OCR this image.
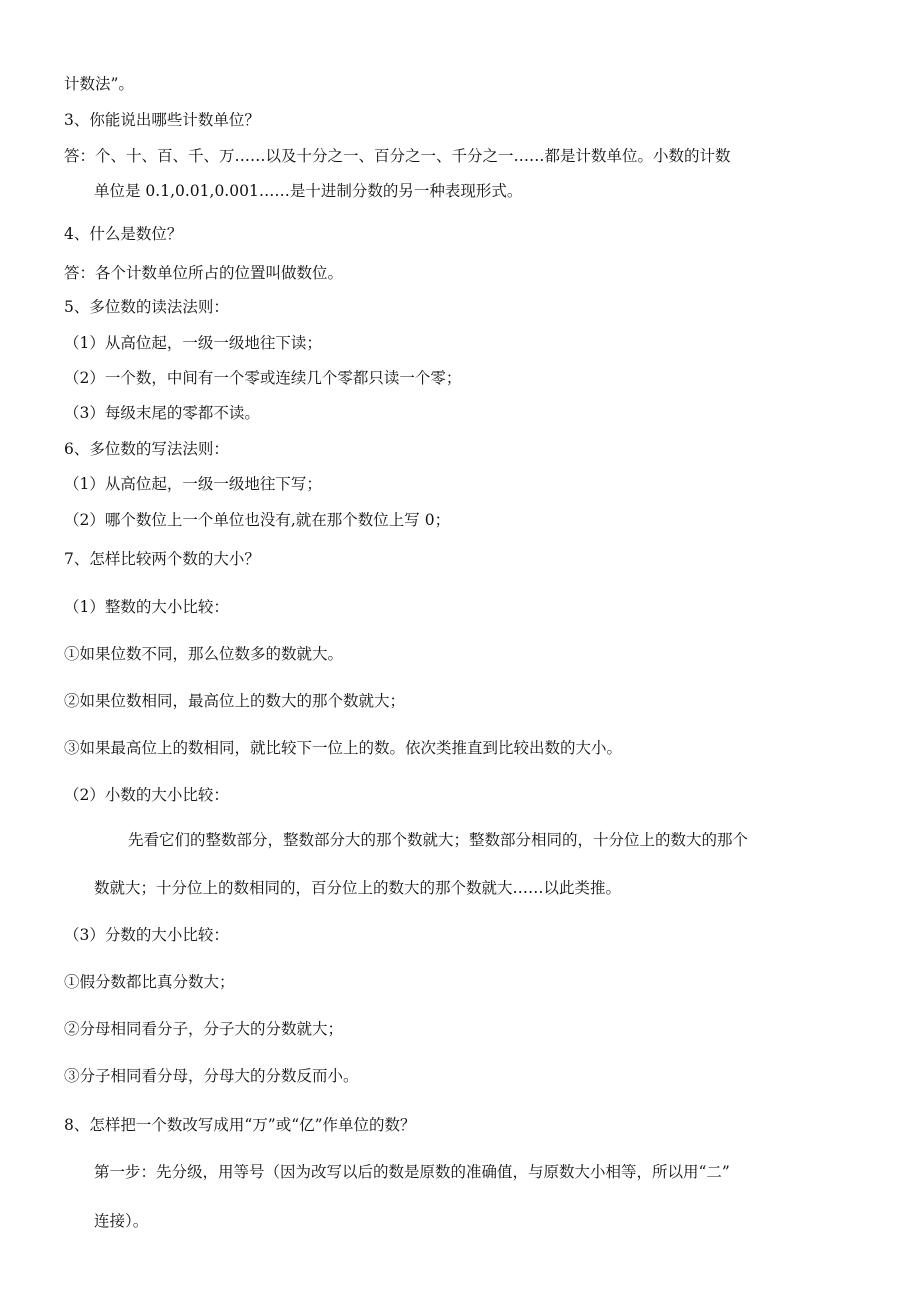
计数法”。
3、你能说出哪些计数单位？
答：个、十、百、千、万……以及十分之一、百分之一、千分之一……都是计数单位。小数的计数
单位是 0.1,0.01,0.001……是十进制分数的另一种表现形式。
4、什么是数位？
答：各个计数单位所占的位置叫做数位。
5、多位数的读法法则：
（1）从高位起，一级一级地往下读；
（2）一个数，中间有一个零或连续几个零都只读一个零；
（3）每级末尾的零都不读。
6、多位数的写法法则：
（1）从高位起，一级一级地往下写；
（2）哪个数位上一个单位也没有,就在那个数位上写 0；
7、怎样比较两个数的大小？
（1）整数的大小比较：
①如果位数不同，那么位数多的数就大。
②如果位数相同，最高位上的数大的那个数就大；
③如果最高位上的数相同，就比较下一位上的数。依次类推直到比较出数的大小。
（2）小数的大小比较：
先看它们的整数部分，整数部分大的那个数就大；整数部分相同的，十分位上的数大的那个
数就大；十分位上的数相同的，百分位上的数大的那个数就大……以此类推。
（3）分数的大小比较：
①假分数都比真分数大；
②分母相同看分子，分子大的分数就大；
③分子相同看分母，分母大的分数反而小。
8、怎样把一个数改写成用“万”或“亿”作单位的数？
第一步：先分级，用等号（因为改写以后的数是原数的准确值，与原数大小相等，所以用“二”
连接）。
